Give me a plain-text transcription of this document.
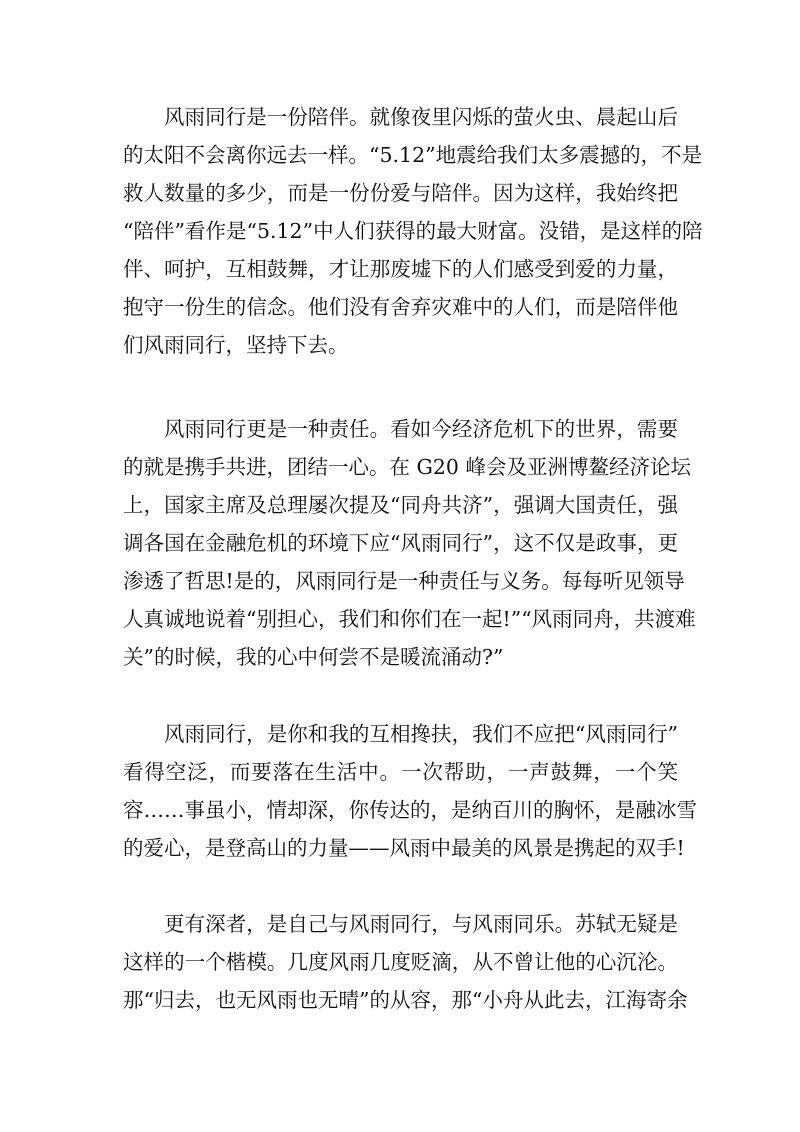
风雨同行是一份陪伴。就像夜里闪烁的萤火虫、晨起山后
的太阳不会离你远去一样。“5.12”地震给我们太多震撼的，不是
救人数量的多少，而是一份份爱与陪伴。因为这样，我始终把
“陪伴”看作是“5.12”中人们获得的最大财富。没错，是这样的陪
伴、呵护，互相鼓舞，才让那废墟下的人们感受到爱的力量，
抱守一份生的信念。他们没有舍弃灾难中的人们，而是陪伴他
们风雨同行，坚持下去。
风雨同行更是一种责任。看如今经济危机下的世界，需要
的就是携手共进，团结一心。在 G20 峰会及亚洲博鳌经济论坛
上，国家主席及总理屡次提及“同舟共济”，强调大国责任，强
调各国在金融危机的环境下应“风雨同行”，这不仅是政事，更
渗透了哲思!是的，风雨同行是一种责任与义务。每每听见领导
人真诚地说着“别担心，我们和你们在一起!”“风雨同舟，共渡难
关”的时候，我的心中何尝不是暖流涌动?”
风雨同行，是你和我的互相搀扶，我们不应把“风雨同行”
看得空泛，而要落在生活中。一次帮助，一声鼓舞，一个笑
容……事虽小，情却深，你传达的，是纳百川的胸怀，是融冰雪
的爱心，是登高山的力量——风雨中最美的风景是携起的双手!
更有深者，是自己与风雨同行，与风雨同乐。苏轼无疑是
这样的一个楷模。几度风雨几度贬滴，从不曾让他的心沉沦。
那“归去，也无风雨也无晴”的从容，那“小舟从此去，江海寄余
